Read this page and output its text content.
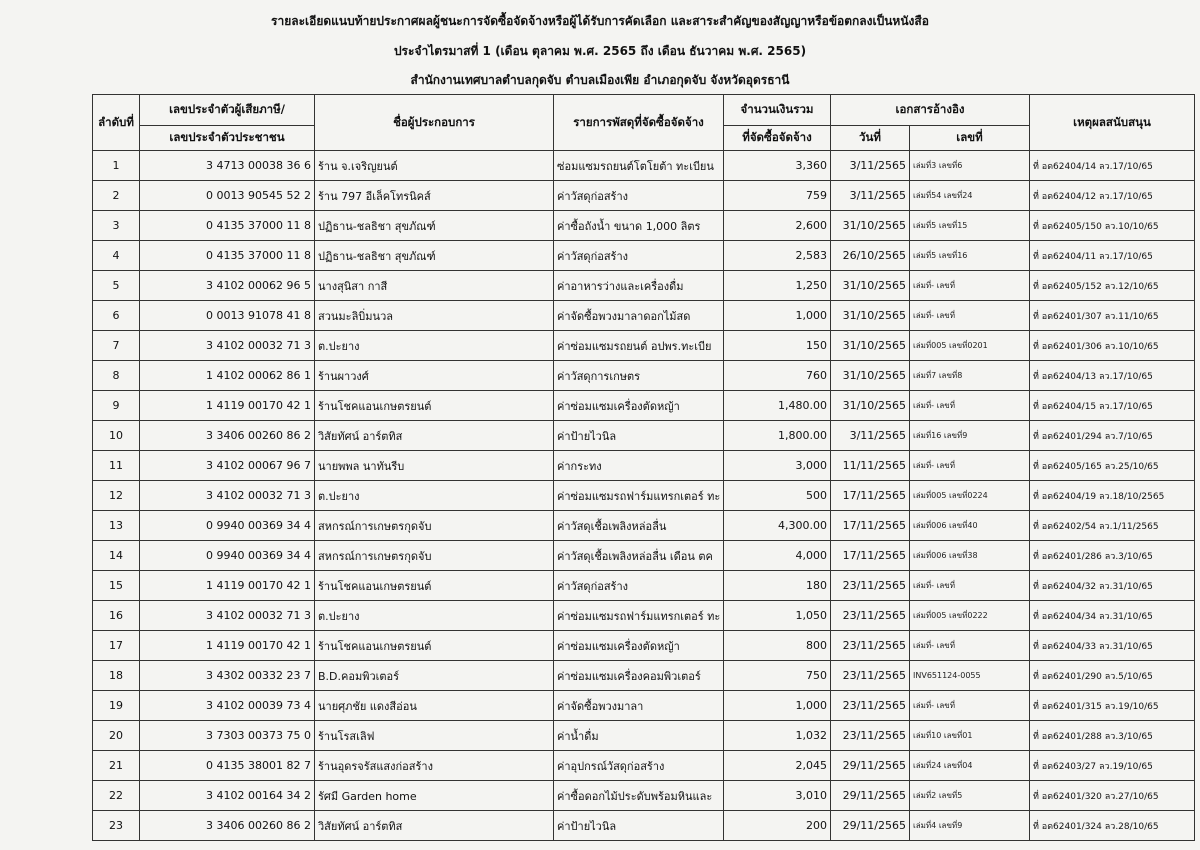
รายละเอียดแนบท้ายประกาศผลผู้ชนะการจัดซื้อจัดจ้างหรือผู้ได้รับการคัดเลือก และสาระสำคัญของสัญญาหรือข้อตกลงเป็นหนังสือ
ประจำไตรมาสที่ 1 (เดือน ตุลาคม พ.ศ. 2565 ถึง เดือน ธันวาคม พ.ศ. 2565)
สำนักงานเทศบาลตำบลกุดจับ ตำบลเมืองเพีย อำเภอกุดจับ จังหวัดอุดรธานี
ลำดับที่	เลขประจำตัวผู้เสียภาษี/	ชื่อผู้ประกอบการ	รายการพัสดุที่จัดซื้อจัดจ้าง	จำนวนเงินรวม	เอกสารอ้างอิง		เหตุผลสนับสนุน
	เลขประจำตัวประชาชน			ที่จัดซื้อจัดจ้าง	วันที่	เลขที่	
1	3 4713 00038 36 6	ร้าน จ.เจริญยนต์	ซ่อมแซมรถยนต์โตโยต้า ทะเบียน	3,360	3/11/2565	เล่มที่3 เลขที่6	ที่ อด62404/14 ลว.17/10/65
2	0 0013 90545 52 2	ร้าน 797 อีเล็คโทรนิคส์	ค่าวัสดุก่อสร้าง	759	3/11/2565	เล่มที่54 เลขที่24	ที่ อด62404/12 ลว.17/10/65
3	0 4135 37000 11 8	ปฏิธาน-ชลธิชา สุขภัณฑ์	ค่าซื้อถังน้ำ ขนาด 1,000 ลิตร	2,600	31/10/2565	เล่มที่5 เลขที่15	ที่ อด62405/150 ลว.10/10/65
4	0 4135 37000 11 8	ปฏิธาน-ชลธิชา สุขภัณฑ์	ค่าวัสดุก่อสร้าง	2,583	26/10/2565	เล่มที่5 เลขที่16	ที่ อด62404/11 ลว.17/10/65
5	3 4102 00062 96 5	นางสุนิสา กาสี	ค่าอาหารว่างและเครื่องดื่ม	1,250	31/10/2565	เล่มที่- เลขที่	ที่ อด62405/152 ลว.12/10/65
6	0 0013 91078 41 8	สวนมะลิบิ่มนวล	ค่าจัดซื้อพวงมาลาดอกไม้สด	1,000	31/10/2565	เล่มที่- เลขที่	ที่ อด62401/307 ลว.11/10/65
7	3 4102 00032 71 3	ต.ปะยาง	ค่าซ่อมแซมรถยนต์ อปพร.ทะเบีย	150	31/10/2565	เล่มที่005 เลขที่0201	ที่ อด62401/306 ลว.10/10/65
8	1 4102 00062 86 1	ร้านผาวงศ์	ค่าวัสดุการเกษตร	760	31/10/2565	เล่มที่7 เลขที่8	ที่ อด62404/13 ลว.17/10/65
9	1 4119 00170 42 1	ร้านโชคแอนเกษตรยนต์	ค่าซ่อมแซมเครื่องตัดหญ้า	1,480.00	31/10/2565	เล่มที่- เลขที่	ที่ อด62404/15 ลว.17/10/65
10	3 3406 00260 86 2	วิสัยทัศน์ อาร์ตทิส	ค่าป้ายไวนิล	1,800.00	3/11/2565	เล่มที่16 เลขที่9	ที่ อด62401/294 ลว.7/10/65
11	3 4102 00067 96 7	นายพพล นาทันรีบ	ค่ากระทง	3,000	11/11/2565	เล่มที่- เลขที่	ที่ อด62405/165 ลว.25/10/65
12	3 4102 00032 71 3	ต.ปะยาง	ค่าซ่อมแซมรถฟาร์มแทรกเตอร์ ทะ	500	17/11/2565	เล่มที่005 เลขที่0224	ที่ อด62404/19 ลว.18/10/2565
13	0 9940 00369 34 4	สหกรณ์การเกษตรกุดจับ	ค่าวัสดุเชื้อเพลิงหล่อลื่น	4,300.00	17/11/2565	เล่มที่006 เลขที่40	ที่ อด62402/54 ลว.1/11/2565
14	0 9940 00369 34 4	สหกรณ์การเกษตรกุดจับ	ค่าวัสดุเชื้อเพลิงหล่อลื่น เดือน ตค	4,000	17/11/2565	เล่มที่006 เลขที่38	ที่ อด62401/286 ลว.3/10/65
15	1 4119 00170 42 1	ร้านโชคแอนเกษตรยนต์	ค่าวัสดุก่อสร้าง	180	23/11/2565	เล่มที่- เลขที่	ที่ อด62404/32 ลว.31/10/65
16	3 4102 00032 71 3	ต.ปะยาง	ค่าซ่อมแซมรถฟาร์มแทรกเตอร์ ทะ	1,050	23/11/2565	เล่มที่005 เลขที่0222	ที่ อด62404/34 ลว.31/10/65
17	1 4119 00170 42 1	ร้านโชคแอนเกษตรยนต์	ค่าซ่อมแซมเครื่องตัดหญ้า	800	23/11/2565	เล่มที่- เลขที่	ที่ อด62404/33 ลว.31/10/65
18	3 4302 00332 23 7	B.D.คอมพิวเตอร์	ค่าซ่อมแซมเครื่องคอมพิวเตอร์	750	23/11/2565	INV651124-0055	ที่ อด62401/290 ลว.5/10/65
19	3 4102 00039 73 4	นายศุภชัย แดงสีอ่อน	ค่าจัดซื้อพวงมาลา	1,000	23/11/2565	เล่มที่- เลขที่	ที่ อด62401/315 ลว.19/10/65
20	3 7303 00373 75 0	ร้านโรสเลิฟ	ค่าน้ำดื่ม	1,032	23/11/2565	เล่มที่10 เลขที่01	ที่ อด62401/288 ลว.3/10/65
21	0 4135 38001 82 7	ร้านอุดรจรัสแสงก่อสร้าง	ค่าอุปกรณ์วัสดุก่อสร้าง	2,045	29/11/2565	เล่มที่24 เลขที่04	ที่ อด62403/27 ลว.19/10/65
22	3 4102 00164 34 2	รัศมี Garden home	ค่าซื้อดอกไม้ประดับพร้อมหินและ	3,010	29/11/2565	เล่มที่2 เลขที่5	ที่ อด62401/320 ลว.27/10/65
23	3 3406 00260 86 2	วิสัยทัศน์ อาร์ตทิส	ค่าป้ายไวนิล	200	29/11/2565	เล่มที่4 เลขที่9	ที่ อด62401/324 ลว.28/10/65
